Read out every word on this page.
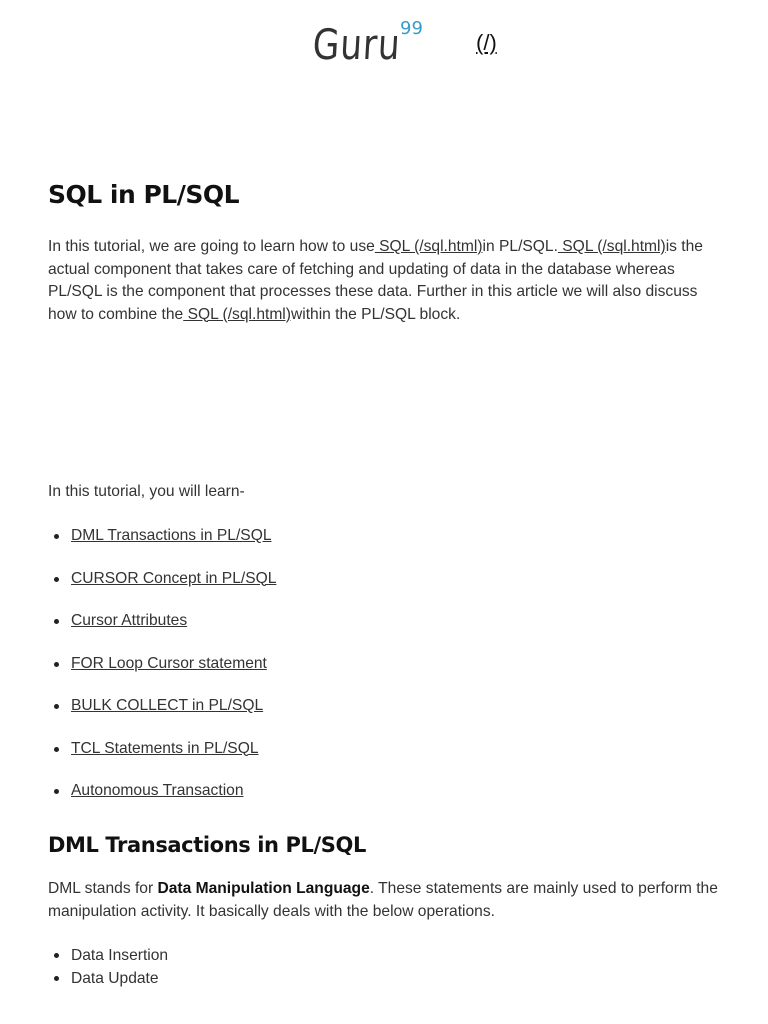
Guru
99
(/)
SQL in PL/SQL

In this tutorial, we are going to learn how to use SQL (/sql.html)in PL/SQL. SQL (/sql.html)is the actual component that takes care of fetching and updating of data in the database whereas PL/SQL is the component that processes these data. Further in this article we will also discuss how to combine the SQL (/sql.html)within the PL/SQL block.

In this tutorial, you will learn-

DML Transactions in PL/SQL
CURSOR Concept in PL/SQL
Cursor Attributes
FOR Loop Cursor statement
BULK COLLECT in PL/SQL
TCL Statements in PL/SQL
Autonomous Transaction
DML Transactions in PL/SQL

DML stands for Data Manipulation Language. These statements are mainly used to perform the manipulation activity. It basically deals with the below operations.

Data Insertion
Data Update
